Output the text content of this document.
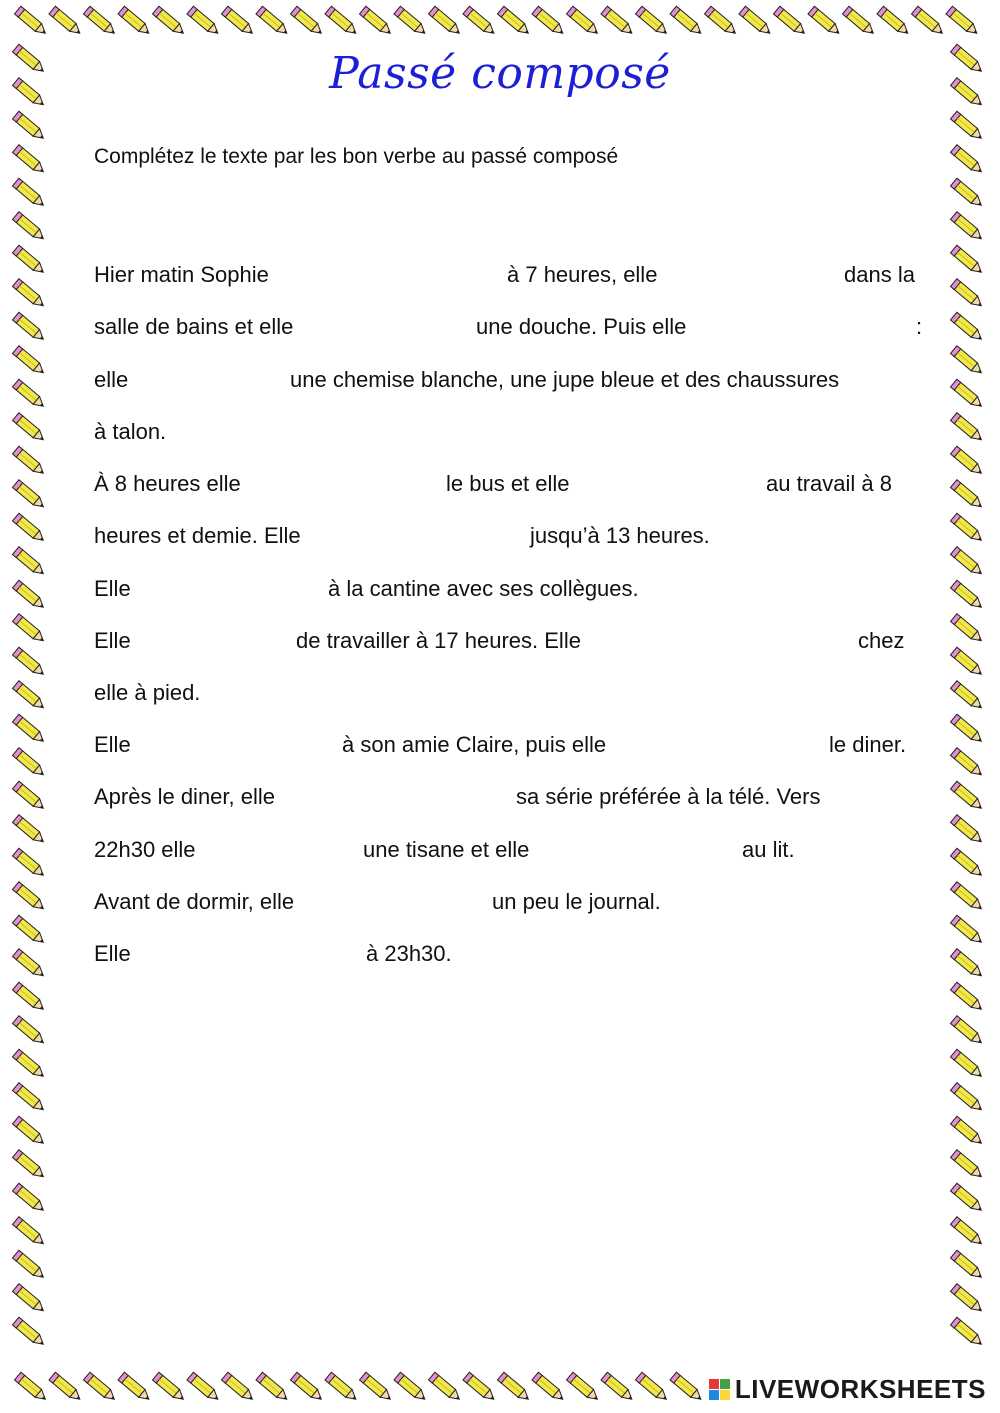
Passé composé
Complétez le texte par les bon verbe au passé composé
Hier matin Sophie	à 7 heures, elle	dans la
salle de bains et elle	une douche. Puis elle	:
elle	une chemise blanche, une jupe bleue et des chaussures
à talon.
À 8 heures elle	le bus et elle	au travail à 8
heures et demie. Elle	jusqu’à 13 heures.
Elle	à la cantine avec ses collègues.
Elle	de travailler à 17 heures. Elle	chez
elle à pied.
Elle	à son amie Claire, puis elle	le diner.
Après le diner, elle	sa série préférée à la télé. Vers
22h30 elle	une tisane et elle	au lit.
Avant de dormir, elle	un peu le journal.
Elle	à 23h30.
LIVEWORKSHEETS
